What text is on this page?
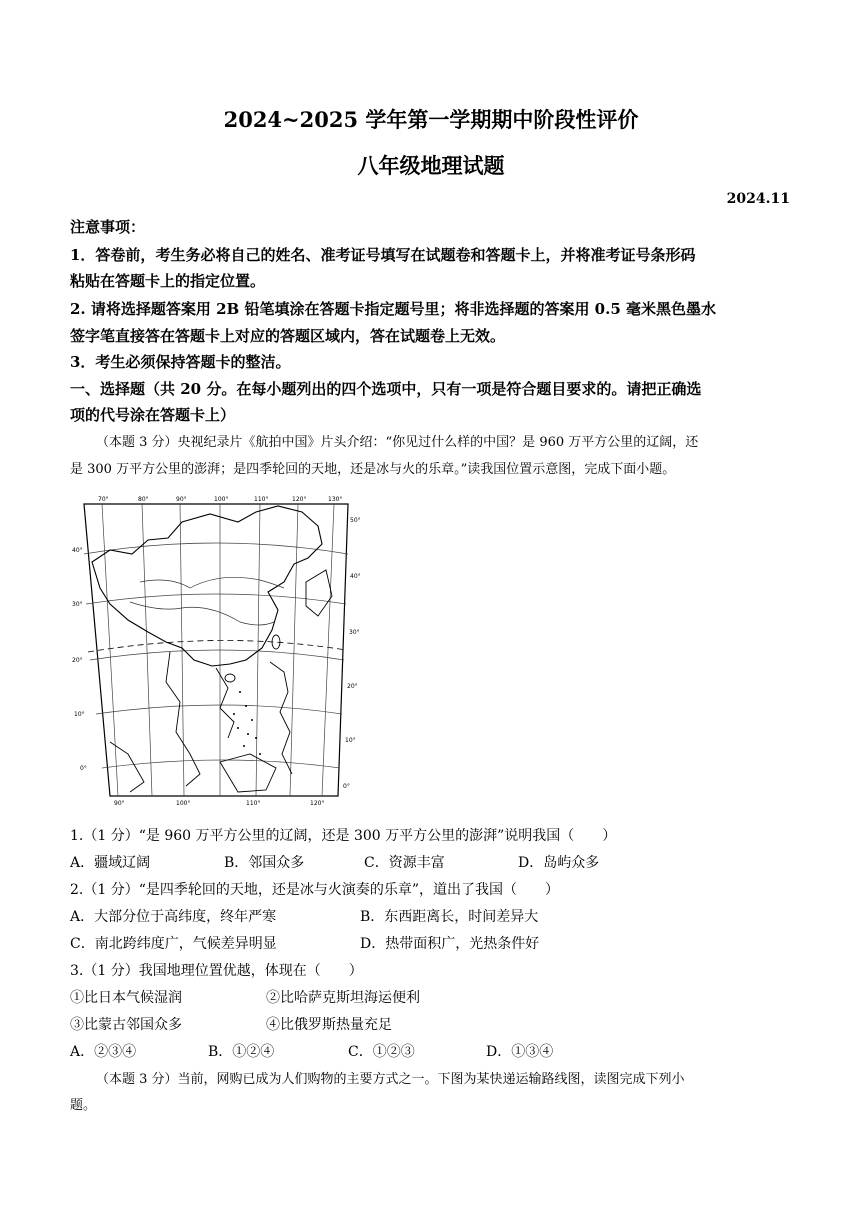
2024~2025 学年第一学期期中阶段性评价
八年级地理试题
2024.11
注意事项：
1．答卷前，考生务必将自己的姓名、准考证号填写在试题卷和答题卡上，并将准考证号条形码
粘贴在答题卡上的指定位置。
2. 请将选择题答案用 2B 铅笔填涂在答题卡指定题号里；将非选择题的答案用 0.5 毫米黑色墨水
签字笔直接答在答题卡上对应的答题区域内，答在试题卷上无效。
3．考生必须保持答题卡的整洁。
一、选择题（共 20 分。在每小题列出的四个选项中，只有一项是符合题目要求的。请把正确选
项的代号涂在答题卡上）
（本题 3 分）央视纪录片《航拍中国》片头介绍：“你见过什么样的中国？是 960 万平方公里的辽阔，还
是 300 万平方公里的澎湃；是四季轮回的天地，还是冰与火的乐章。”读我国位置示意图，完成下面小题。
70°	80°	90°	100°	110°	120°	130°
90°	100°	110°	120°
40°
30°
20°
10°
0°
50°
40°
30°
20°
10°
0°
1.（1 分）“是 960 万平方公里的辽阔，还是 300 万平方公里的澎湃”说明我国（　　）
A．疆域辽阔	B．邻国众多	C．资源丰富	D．岛屿众多
2.（1 分）“是四季轮回的天地，还是冰与火演奏的乐章”，道出了我国（　　）
A．大部分位于高纬度，终年严寒	B．东西距离长，时间差异大
C．南北跨纬度广，气候差异明显	D．热带面积广，光热条件好
3.（1 分）我国地理位置优越，体现在（　　）
①比日本气候湿润	②比哈萨克斯坦海运便利
③比蒙古邻国众多	④比俄罗斯热量充足
A．②③④	B．①②④	C．①②③	D．①③④
（本题 3 分）当前，网购已成为人们购物的主要方式之一。下图为某快递运输路线图，读图完成下列小
题。
